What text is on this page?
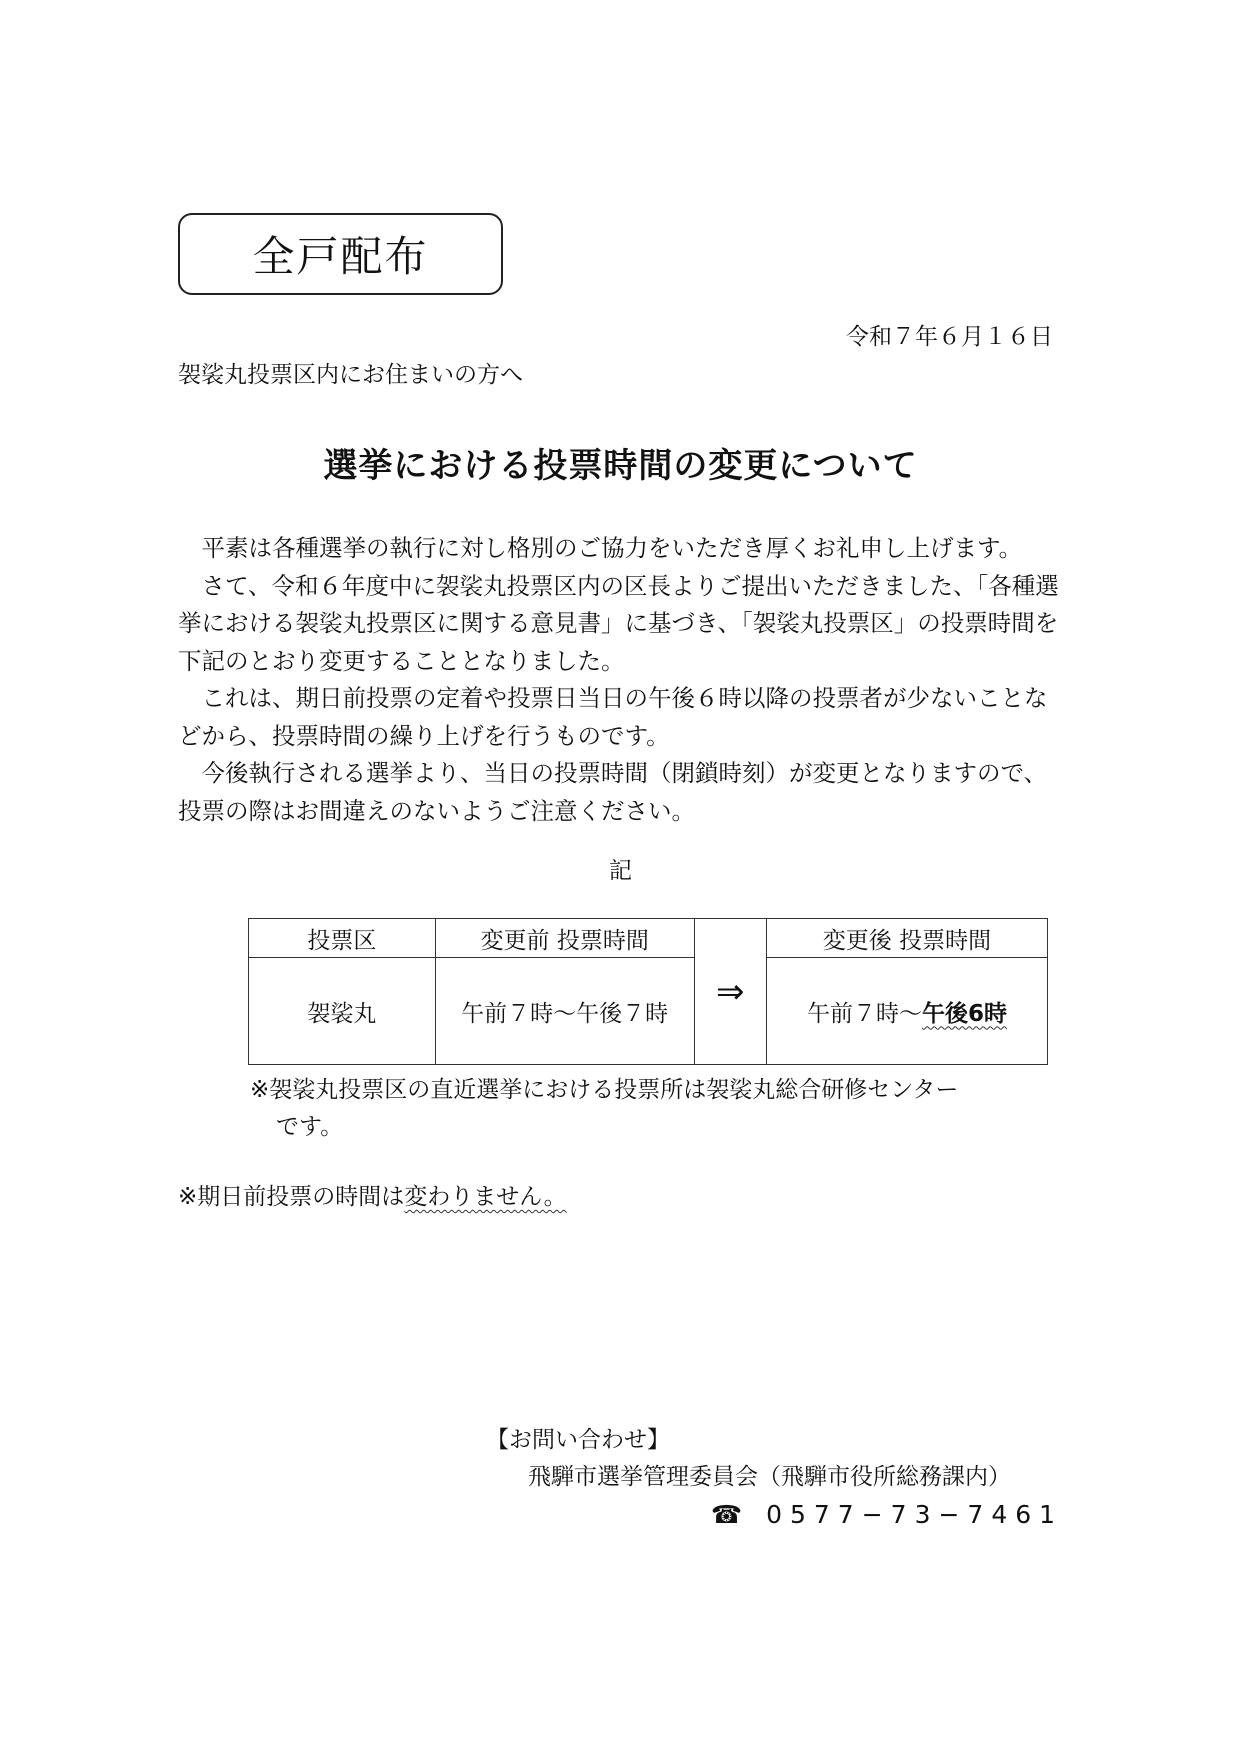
全戸配布
令和７年６月１６日
袈裟丸投票区内にお住まいの方へ
選挙における投票時間の変更について

平素は各種選挙の執行に対し格別のご協力をいただき厚くお礼申し上げます。

さて、令和６年度中に袈裟丸投票区内の区長よりご提出いただきました、「各種選挙における袈裟丸投票区に関する意見書」に基づき、「袈裟丸投票区」の投票時間を下記のとおり変更することとなりました。

これは、期日前投票の定着や投票日当日の午後６時以降の投票者が少ないことなどから、投票時間の繰り上げを行うものです。

今後執行される選挙より、当日の投票時間（閉鎖時刻）が変更となりますので、投票の際はお間違えのないようご注意ください。

記
投票区	変更前 投票時間	⇒	変更後 投票時間
袈裟丸	午前７時～午後７時		午前７時～午後6時
※袈裟丸投票区の直近選挙における投票所は袈裟丸総合研修センター
です。
※期日前投票の時間は変わりません。
【お問い合わせ】
飛騨市選挙管理委員会（飛騨市役所総務課内）
☎ 0577−73−7461
